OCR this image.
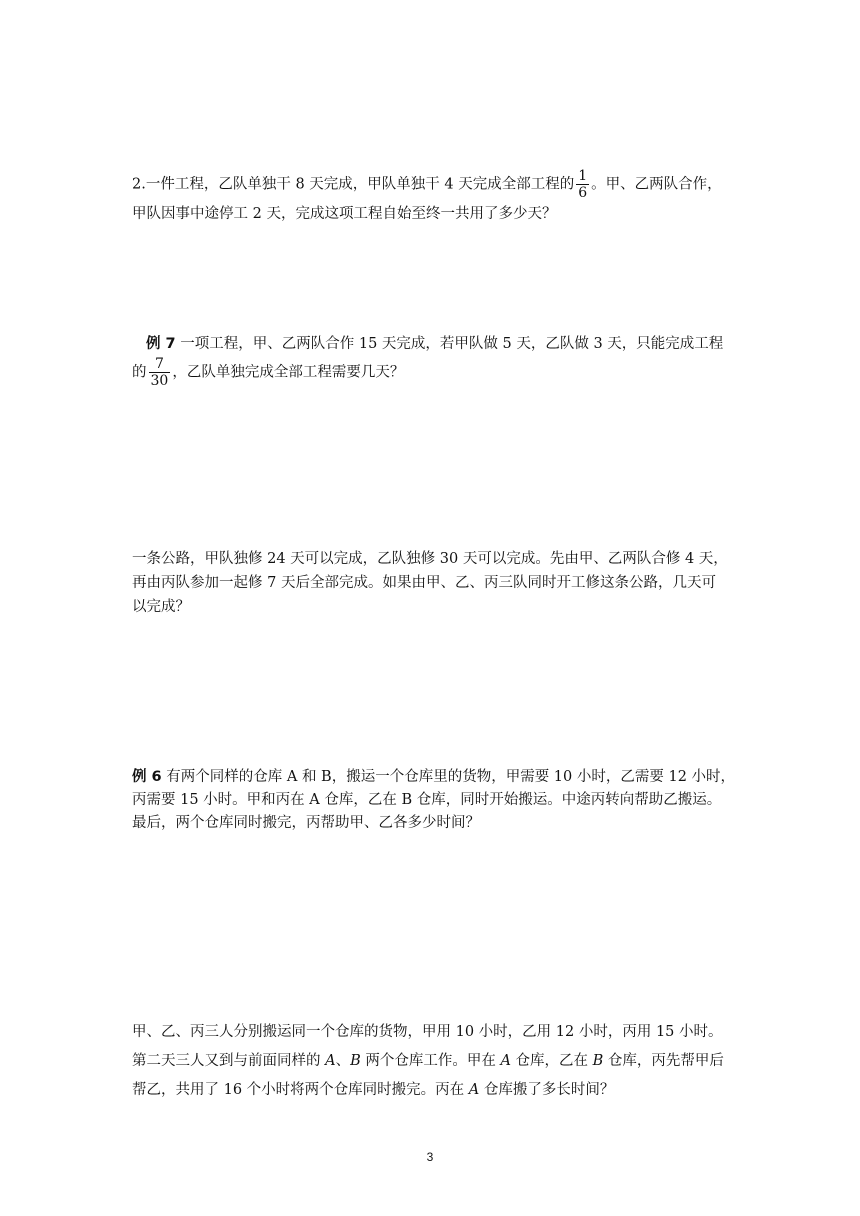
2.一件工程，乙队单独干 8 天完成，甲队单独干 4 天完成全部工程的 $\frac{1}{6}$ 。甲、乙两队合作，
甲队因事中途停工 2 天，完成这项工程自始至终一共用了多少天？
例 7 一项工程，甲、乙两队合作 15 天完成，若甲队做 5 天，乙队做 3 天，只能完成工程
的 $\frac{7}{30}$ ，乙队单独完成全部工程需要几天？
一条公路，甲队独修 24 天可以完成，乙队独修 30 天可以完成。先由甲、乙两队合修 4 天，
再由丙队参加一起修 7 天后全部完成。如果由甲、乙、丙三队同时开工修这条公路，几天可
以完成？
例 6 有两个同样的仓库 A 和 B，搬运一个仓库里的货物，甲需要 10 小时，乙需要 12 小时，
丙需要 15 小时。甲和丙在 A 仓库，乙在 B 仓库，同时开始搬运。中途丙转向帮助乙搬运。
最后，两个仓库同时搬完，丙帮助甲、乙各多少时间？
甲、乙、丙三人分别搬运同一个仓库的货物，甲用 10 小时，乙用 12 小时，丙用 15 小时。
第二天三人又到与前面同样的 A、B 两个仓库工作。甲在 A 仓库，乙在 B 仓库，丙先帮甲后
帮乙，共用了 16 个小时将两个仓库同时搬完。丙在 A 仓库搬了多长时间？
3
